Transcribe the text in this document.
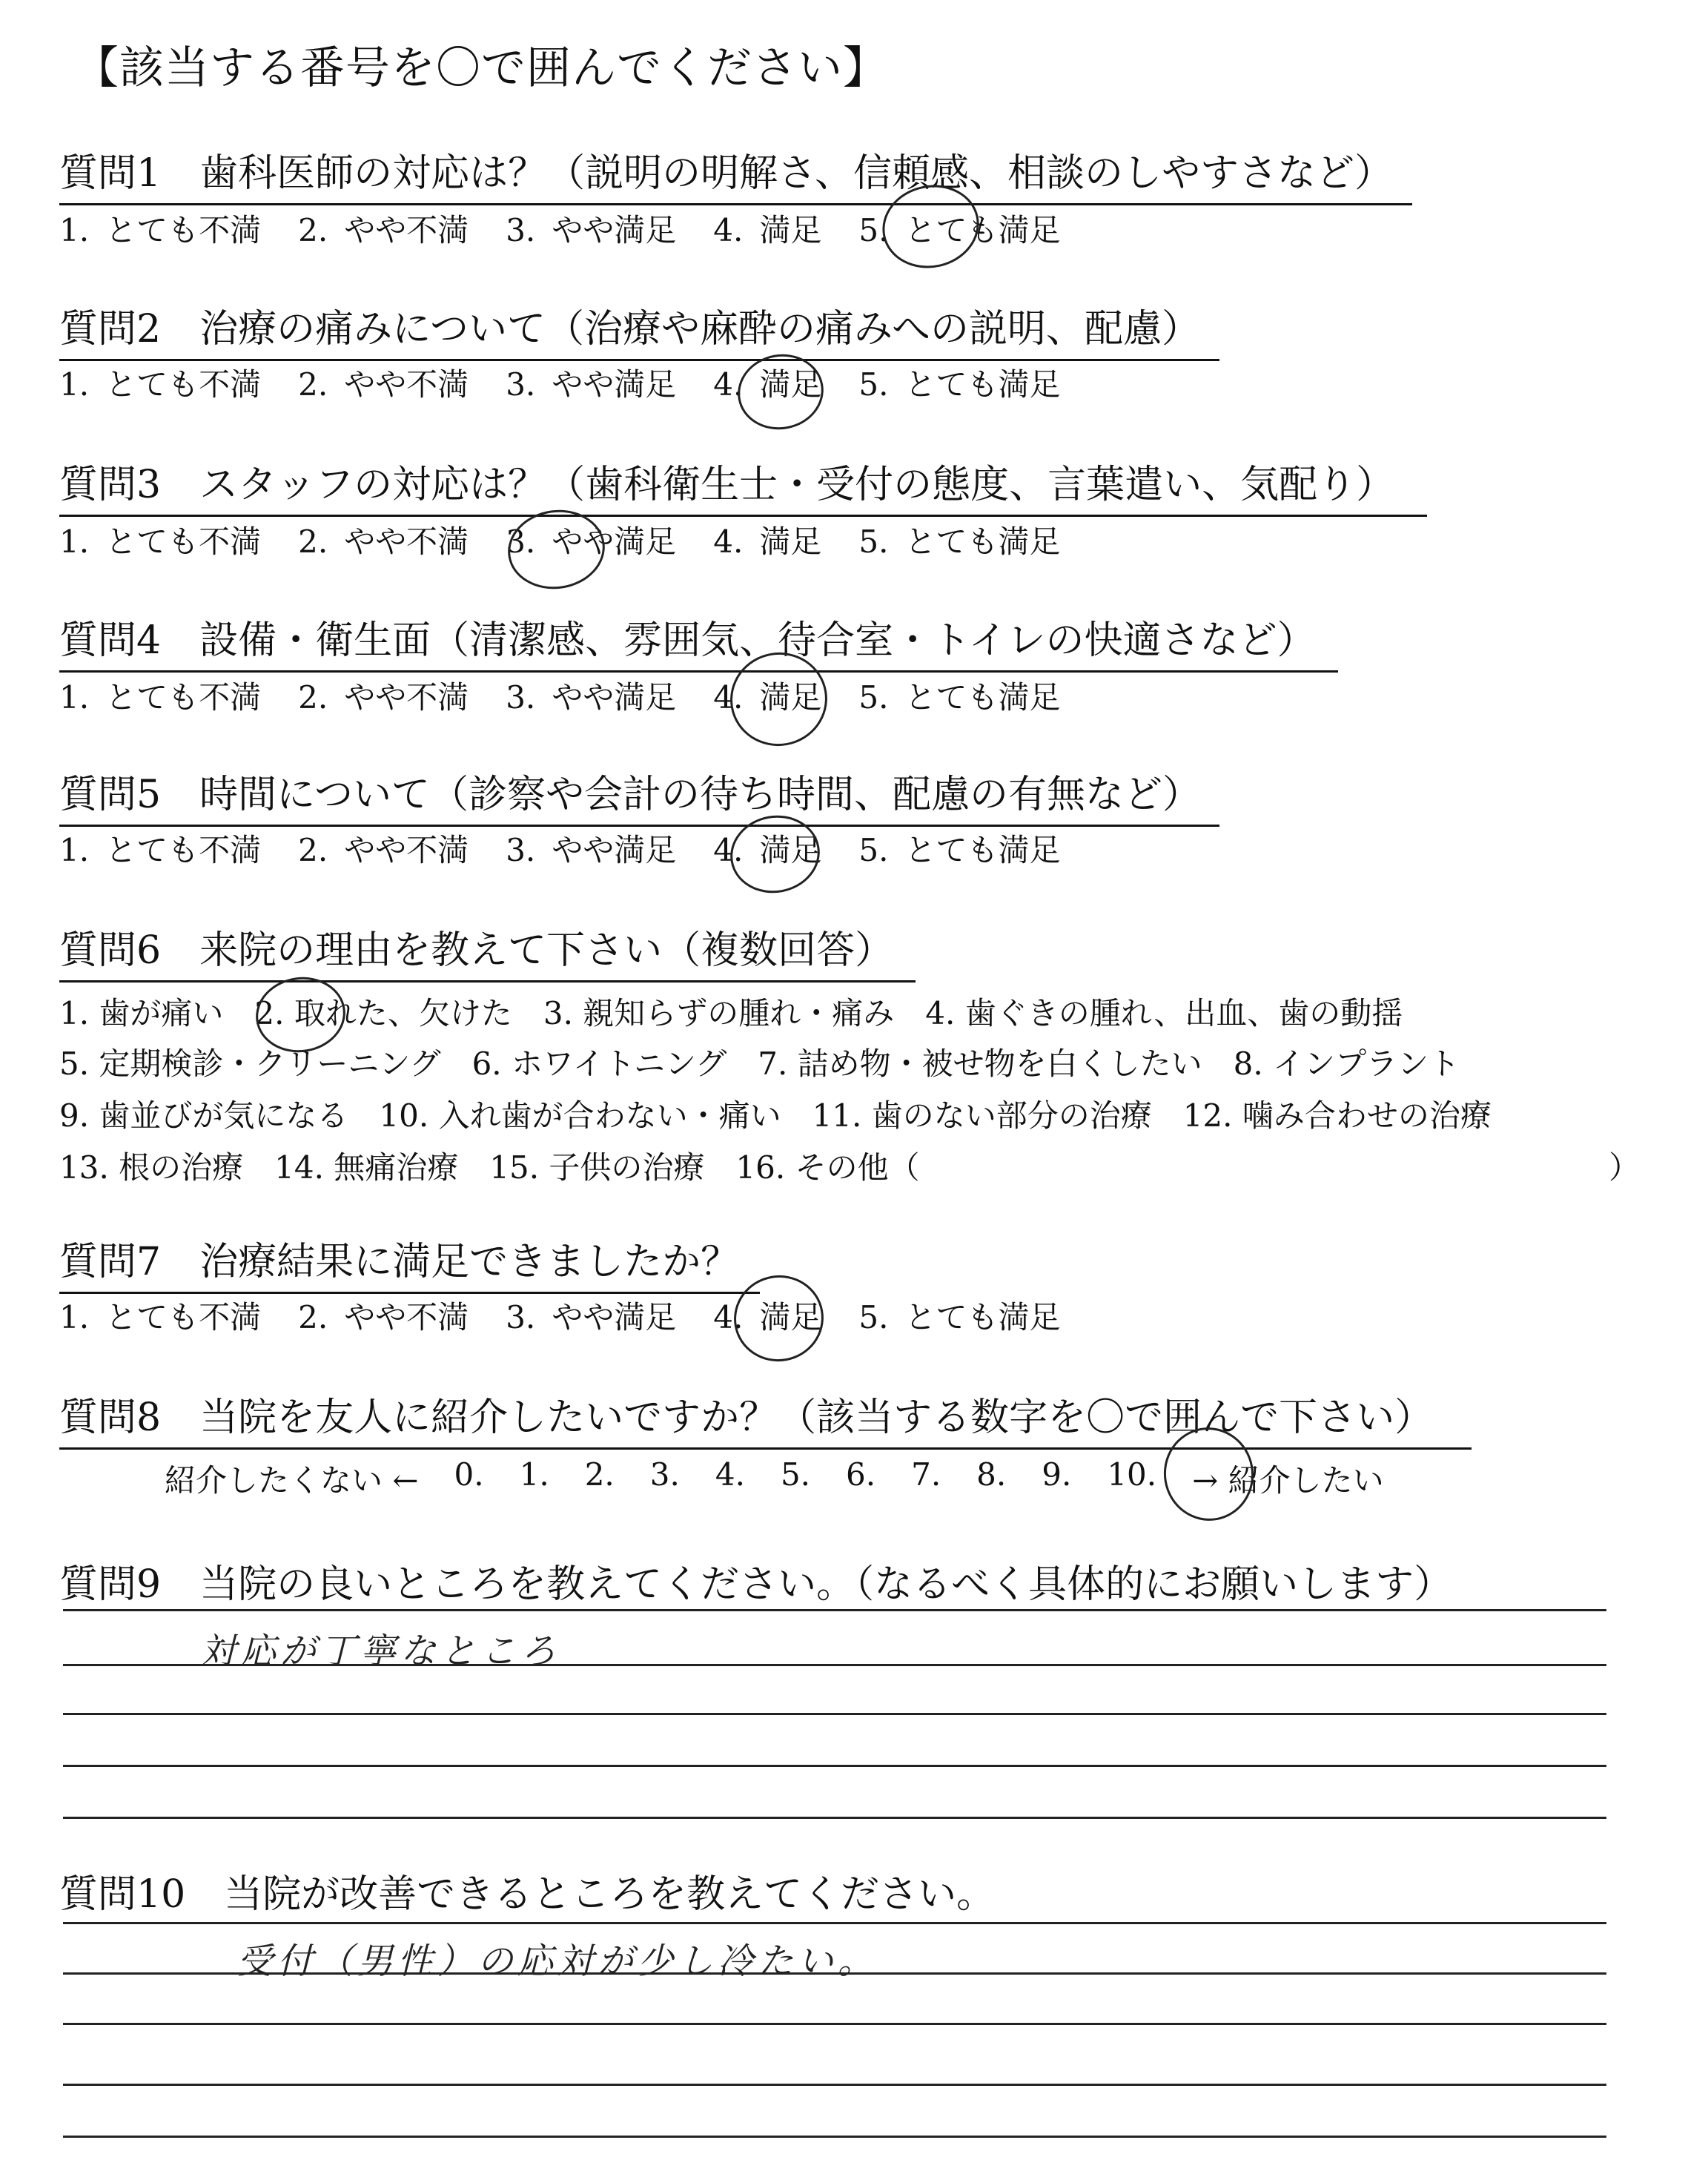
【該当する番号を〇で囲んでください】
質問1　歯科医師の対応は？（説明の明解さ、信頼感、相談のしやすさなど）
1. とても不満 2. やや不満 3. やや満足 4. 満足 5. とても満足
質問2　治療の痛みについて（治療や麻酔の痛みへの説明、配慮）
1. とても不満 2. やや不満 3. やや満足 4. 満足 5. とても満足
質問3　スタッフの対応は？（歯科衛生士・受付の態度、言葉遣い、気配り）
1. とても不満 2. やや不満 3. やや満足 4. 満足 5. とても満足
質問4　設備・衛生面（清潔感、雰囲気、待合室・トイレの快適さなど）
1. とても不満 2. やや不満 3. やや満足 4. 満足 5. とても満足
質問5　時間について（診察や会計の待ち時間、配慮の有無など）
1. とても不満 2. やや不満 3. やや満足 4. 満足 5. とても満足
質問6　来院の理由を教えて下さい（複数回答）
1. 歯が痛い　2. 取れた、欠けた　3. 親知らずの腫れ・痛み　4. 歯ぐきの腫れ、出血、歯の動揺
5. 定期検診・クリーニング　6. ホワイトニング　7. 詰め物・被せ物を白くしたい　8. インプラント
9. 歯並びが気になる　10. 入れ歯が合わない・痛い　11. 歯のない部分の治療　12. 噛み合わせの治療
13. 根の治療　14. 無痛治療　15. 子供の治療　16. その他（	）
質問7　治療結果に満足できましたか？
1. とても不満 2. やや不満 3. やや満足 4. 満足 5. とても満足
質問8　当院を友人に紹介したいですか？（該当する数字を〇で囲んで下さい）
紹介したくない ← 0. 1. 2. 3. 4. 5. 6. 7. 8. 9. 10. → 紹介したい
質問9　当院の良いところを教えてください。（なるべく具体的にお願いします）
対応が丁寧なところ
質問10　当院が改善できるところを教えてください。
受付（男性）の応対が少し冷たい。
